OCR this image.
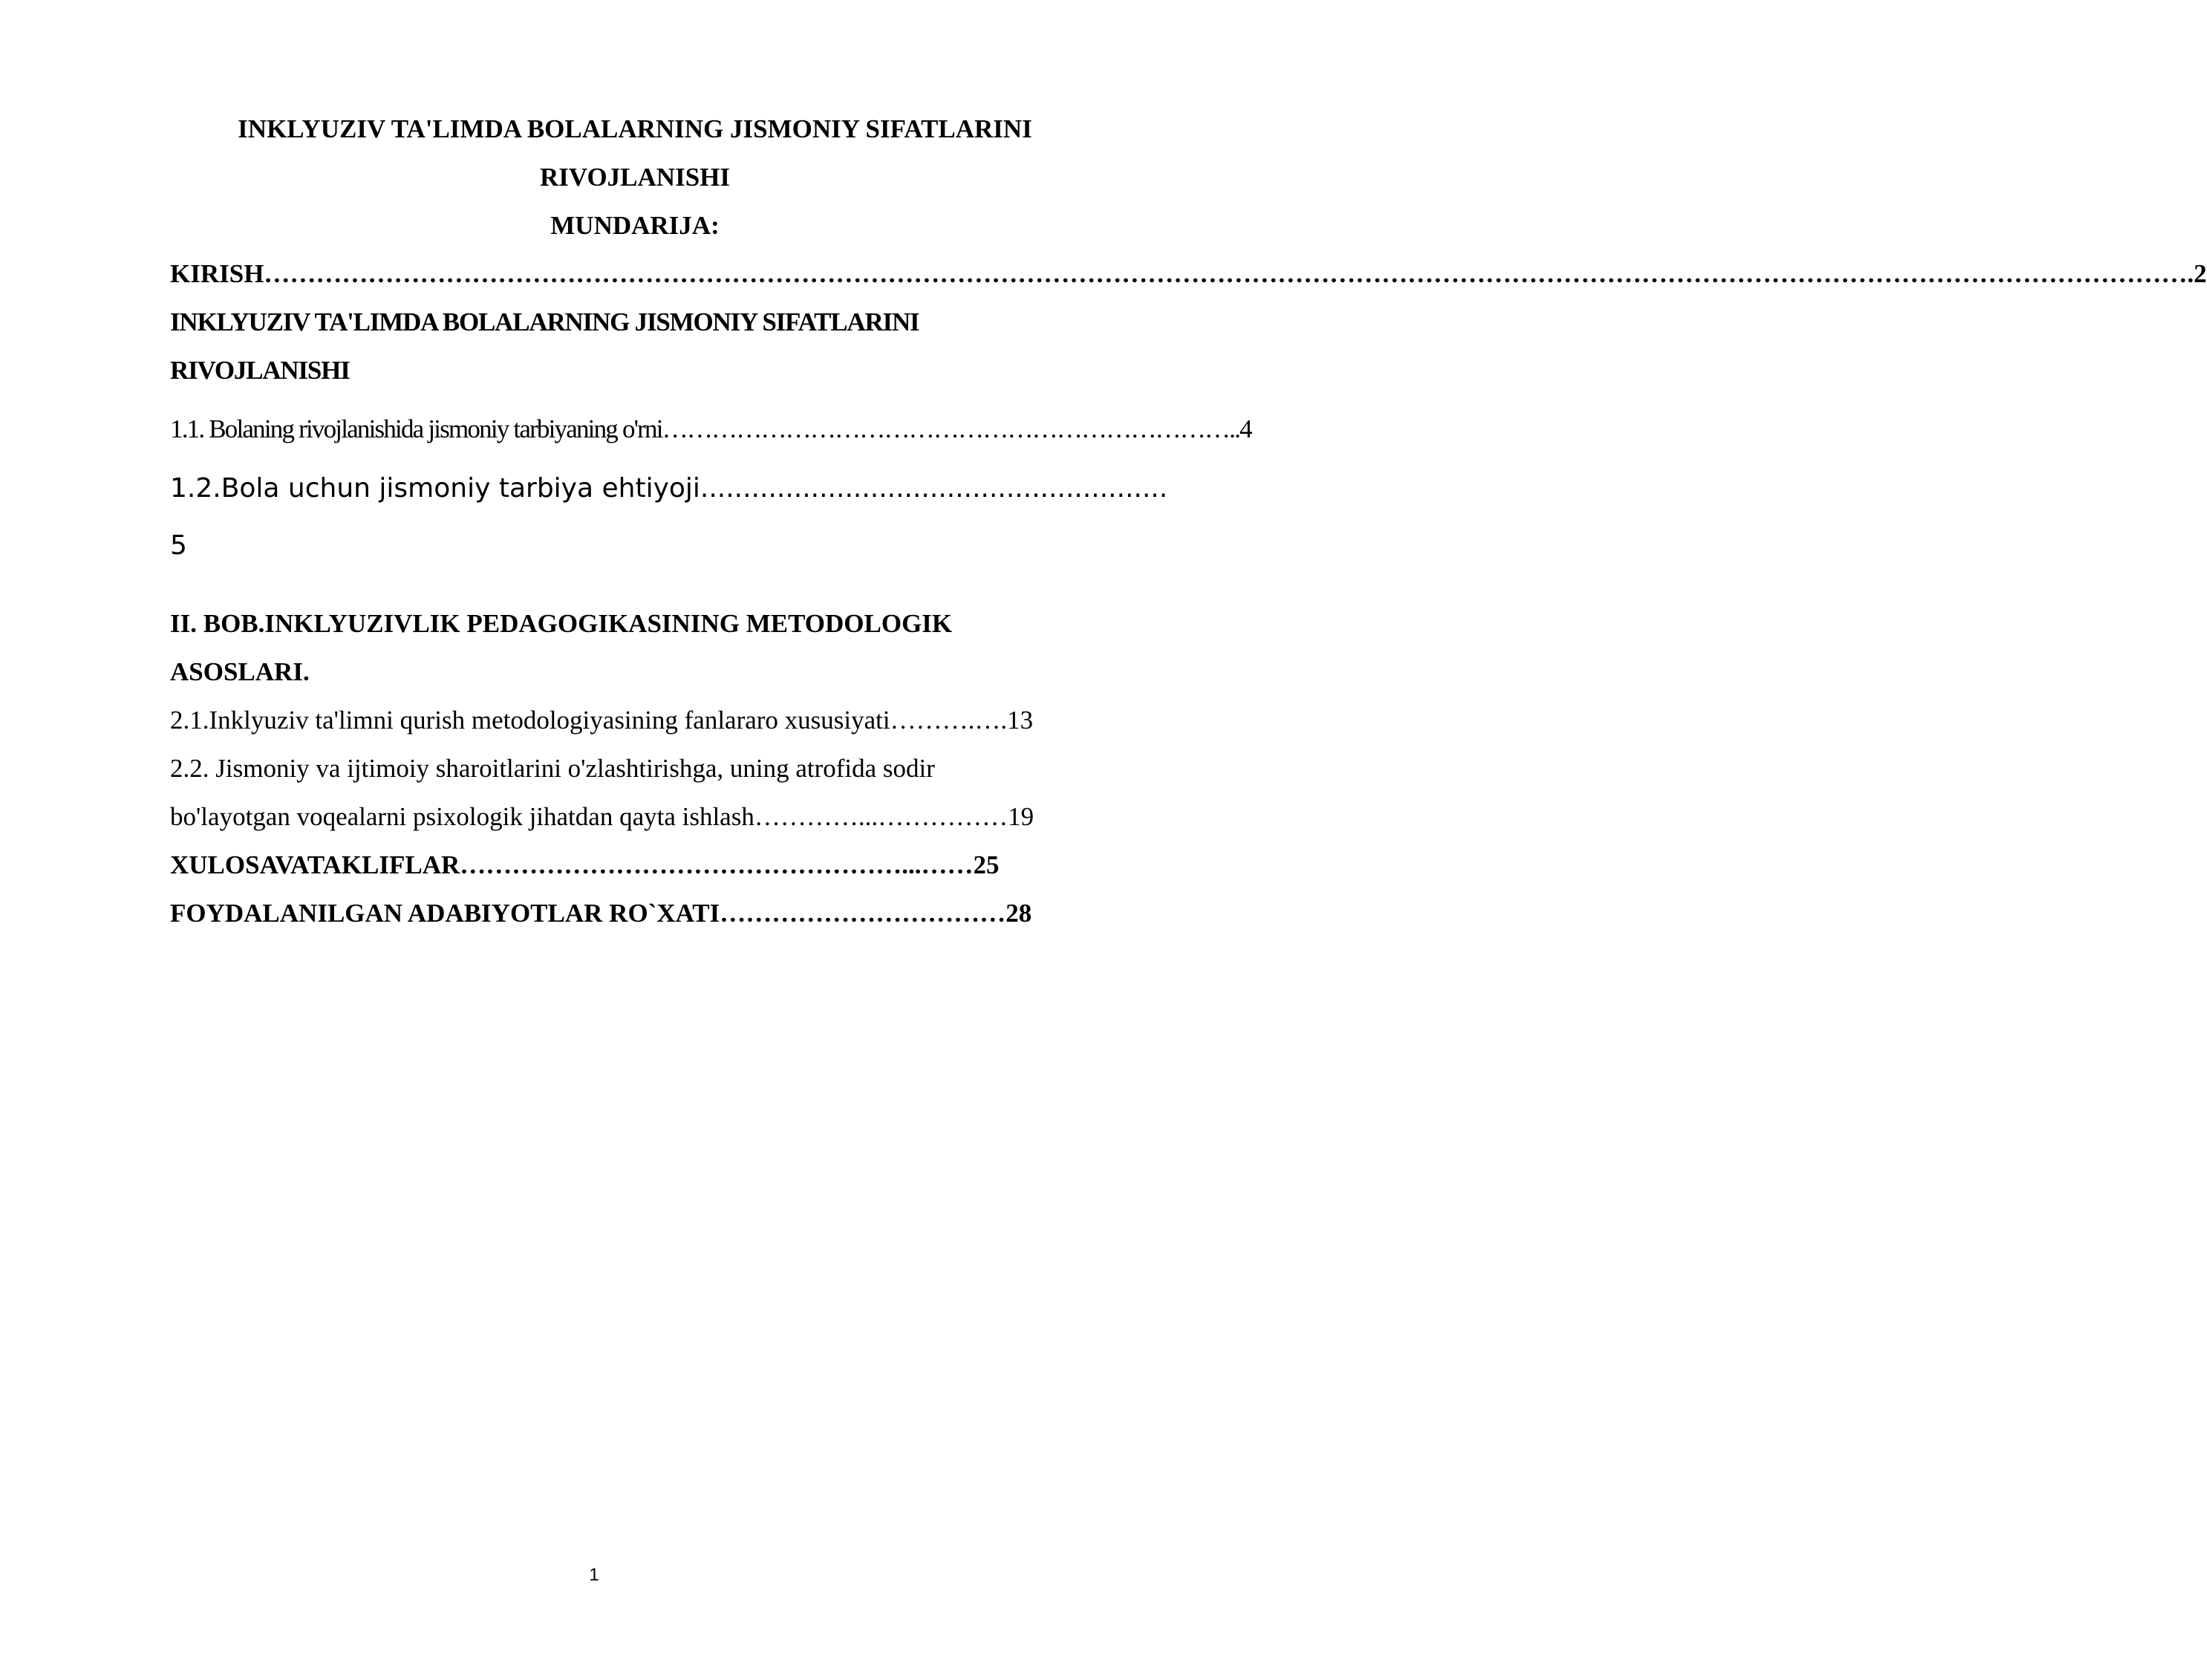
INKLYUZIV TA'LIMDA BOLALARNING JISMONIY SIFATLARINI
RIVOJLANISHI
MUNDARIJA:
KIRISH…………………………………………………………………………………………………………………………………………………………………………………………………….2
INKLYUZIV TA'LIMDA BOLALARNING JISMONIY SIFATLARINI
RIVOJLANISHI
1.1. Bolaning rivojlanishida jismoniy tarbiyaning o'rni……………………………………………………………..4
1.2.Bola uchun jismoniy tarbiya ehtiyoji.......................................................
5
II. BOB.INKLYUZIVLIK PEDAGOGIKASINING METODOLOGIK
ASOSLARI.
2.1.Inklyuziv ta'limni qurish metodologiyasining fanlararo xususiyati……….….13
2.2. Jismoniy va ijtimoiy sharoitlarini o'zlashtirishga, uning atrofida sodir
bo'layotgan voqealarni psixologik jihatdan qayta ishlash…………...……………19
XULOSAVATAKLIFLAR……………………………………………...……25
FOYDALANILGAN ADABIYOTLAR RO`XATI……………………………28
1
